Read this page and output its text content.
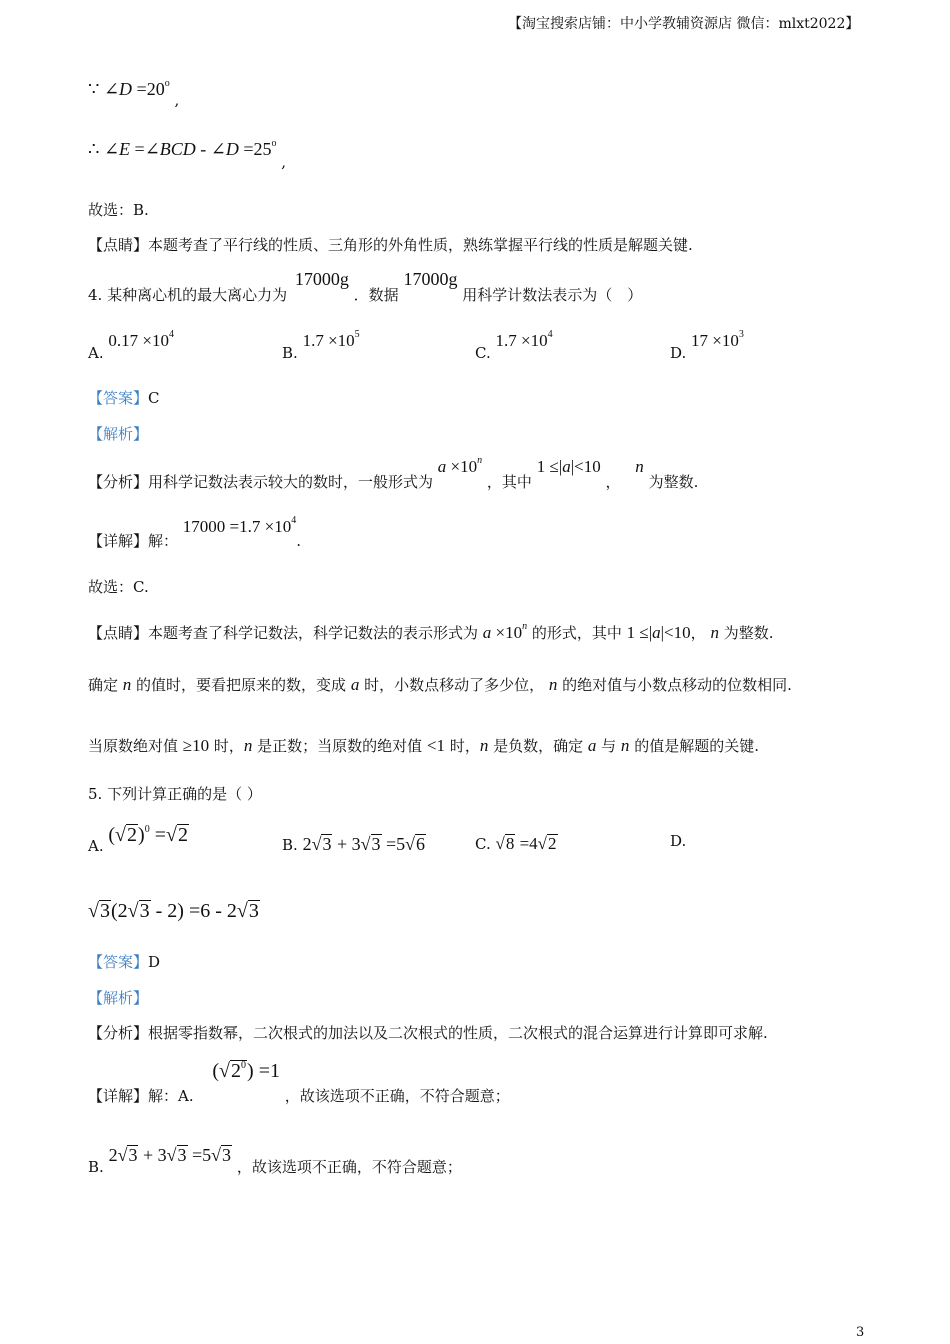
【淘宝搜索店铺：中小学教辅资源店 微信：mlxt2022】
∵ ∠D $=20^o$ ,
∴ ∠E =∠BCD - ∠D $=25^o$ ,
故选：B.
【点睛】本题考查了平行线的性质、三角形的外角性质，熟练掌握平行线的性质是解题关键.
4. 某种离心机的最大离心力为 17000g ．数据 17000g 用科学计数法表示为（　）
A. $0.17 \times 10^4$
B. $1.7 \times 10^5$
C. $1.7 \times 10^4$
D. $17 \times 10^3$
【答案】C
【解析】
【分析】用科学记数法表示较大的数时，一般形式为 $a \times 10^n$ ，其中 1 ≤|a|<10 ， n 为整数.
【详解】解： $17000 =1.7 \times 10^4$.
故选：C.
【点睛】本题考查了科学记数法，科学记数法的表示形式为 $a \times 10^n$ 的形式，其中 1 ≤|a|<10， n 为整数.
确定 n 的值时，要看把原来的数，变成 a 时，小数点移动了多少位， n 的绝对值与小数点移动的位数相同.
当原数绝对值 ≥10 时，n 是正数；当原数的绝对值 <1 时，n 是负数，确定 a 与 n 的值是解题的关键.
5. 下列计算正确的是（ ）
A. $(√2)^0 =√2$	B. 2√3 + 3√3 =5√6	C. √8 =4√2	D.
√3(2√3 - 2) =6 - 2√3
【答案】D
【解析】
【分析】根据零指数幂，二次根式的加法以及二次根式的性质，二次根式的混合运算进行计算即可求解.
【详解】解：A. $(√2^0) =1$ ，故该选项不正确，不符合题意；
B. 2√3 + 3√3 =5√3 ，故该选项不正确，不符合题意；
3
